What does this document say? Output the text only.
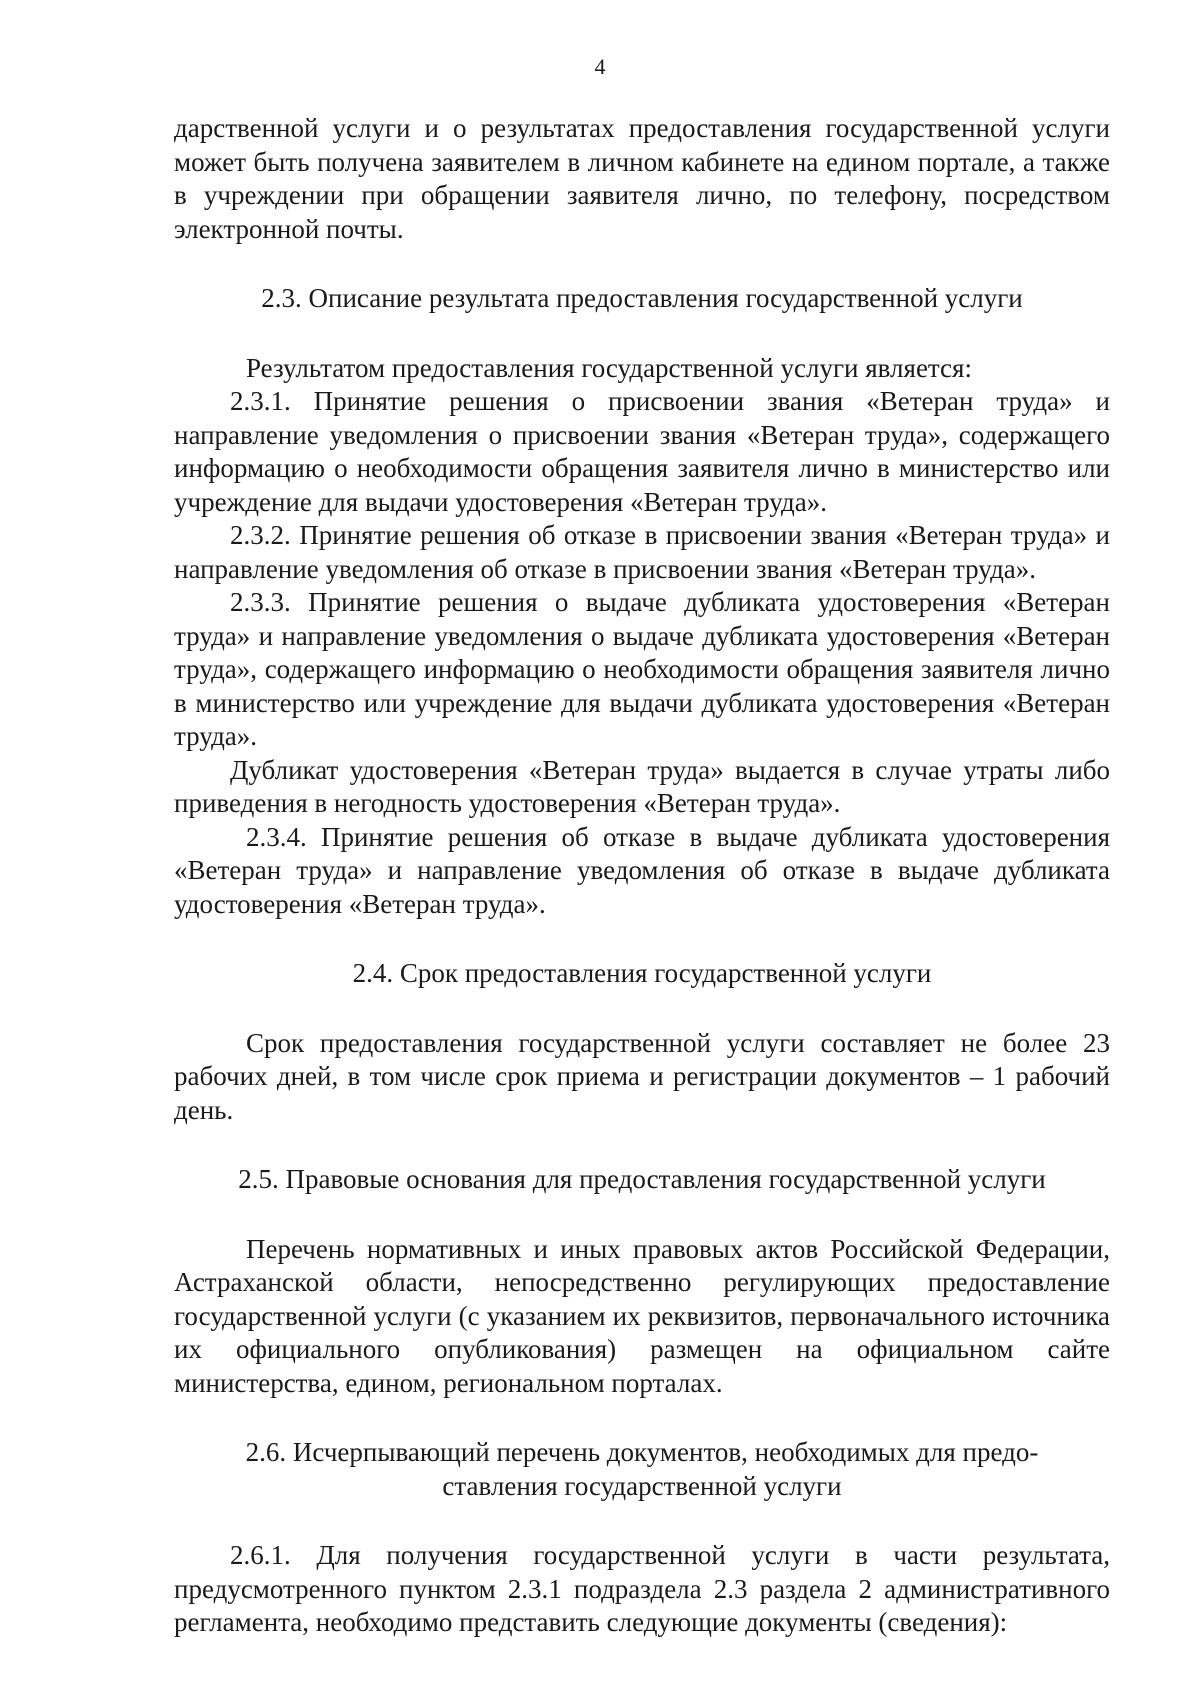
4

дарственной услуги и о результатах предоставления государственной услуги может быть получена заявителем в личном кабинете на едином портале, а также в учреждении при обращении заявителя лично, по телефону, посредством электронной почты.

2.3. Описание результата предоставления государственной услуги

Результатом предоставления государственной услуги является:

2.3.1. Принятие решения о присвоении звания «Ветеран труда» и направление уведомления о присвоении звания «Ветеран труда», содержащего информацию о необходимости обращения заявителя лично в министерство или учреждение для выдачи удостоверения «Ветеран труда».

2.3.2. Принятие решения об отказе в присвоении звания «Ветеран труда» и направление уведомления об отказе в присвоении звания «Ветеран труда».

2.3.3. Принятие решения о выдаче дубликата удостоверения «Ветеран труда» и направление уведомления о выдаче дубликата удостоверения «Ветеран труда», содержащего информацию о необходимости обращения заявителя лично в министерство или учреждение для выдачи дубликата удостоверения «Ветеран труда».

Дубликат удостоверения «Ветеран труда» выдается в случае утраты либо приведения в негодность удостоверения «Ветеран труда».

2.3.4. Принятие решения об отказе в выдаче дубликата удостоверения «Ветеран труда» и направление уведомления об отказе в выдаче дубликата удостоверения «Ветеран труда».

2.4. Срок предоставления государственной услуги

Срок предоставления государственной услуги составляет не более 23 рабочих дней, в том числе срок приема и регистрации документов – 1 рабочий день.

2.5. Правовые основания для предоставления государственной услуги

Перечень нормативных и иных правовых актов Российской Федерации, Астраханской области, непосредственно регулирующих предоставление государственной услуги (с указанием их реквизитов, первоначального источника их официального опубликования) размещен на официальном сайте министерства, едином, региональном порталах.

2.6. Исчерпывающий перечень документов, необходимых для предо-
ставления государственной услуги

2.6.1. Для получения государственной услуги в части результата, предусмотренного пунктом 2.3.1 подраздела 2.3 раздела 2 административного регламента, необходимо представить следующие документы (сведения):
